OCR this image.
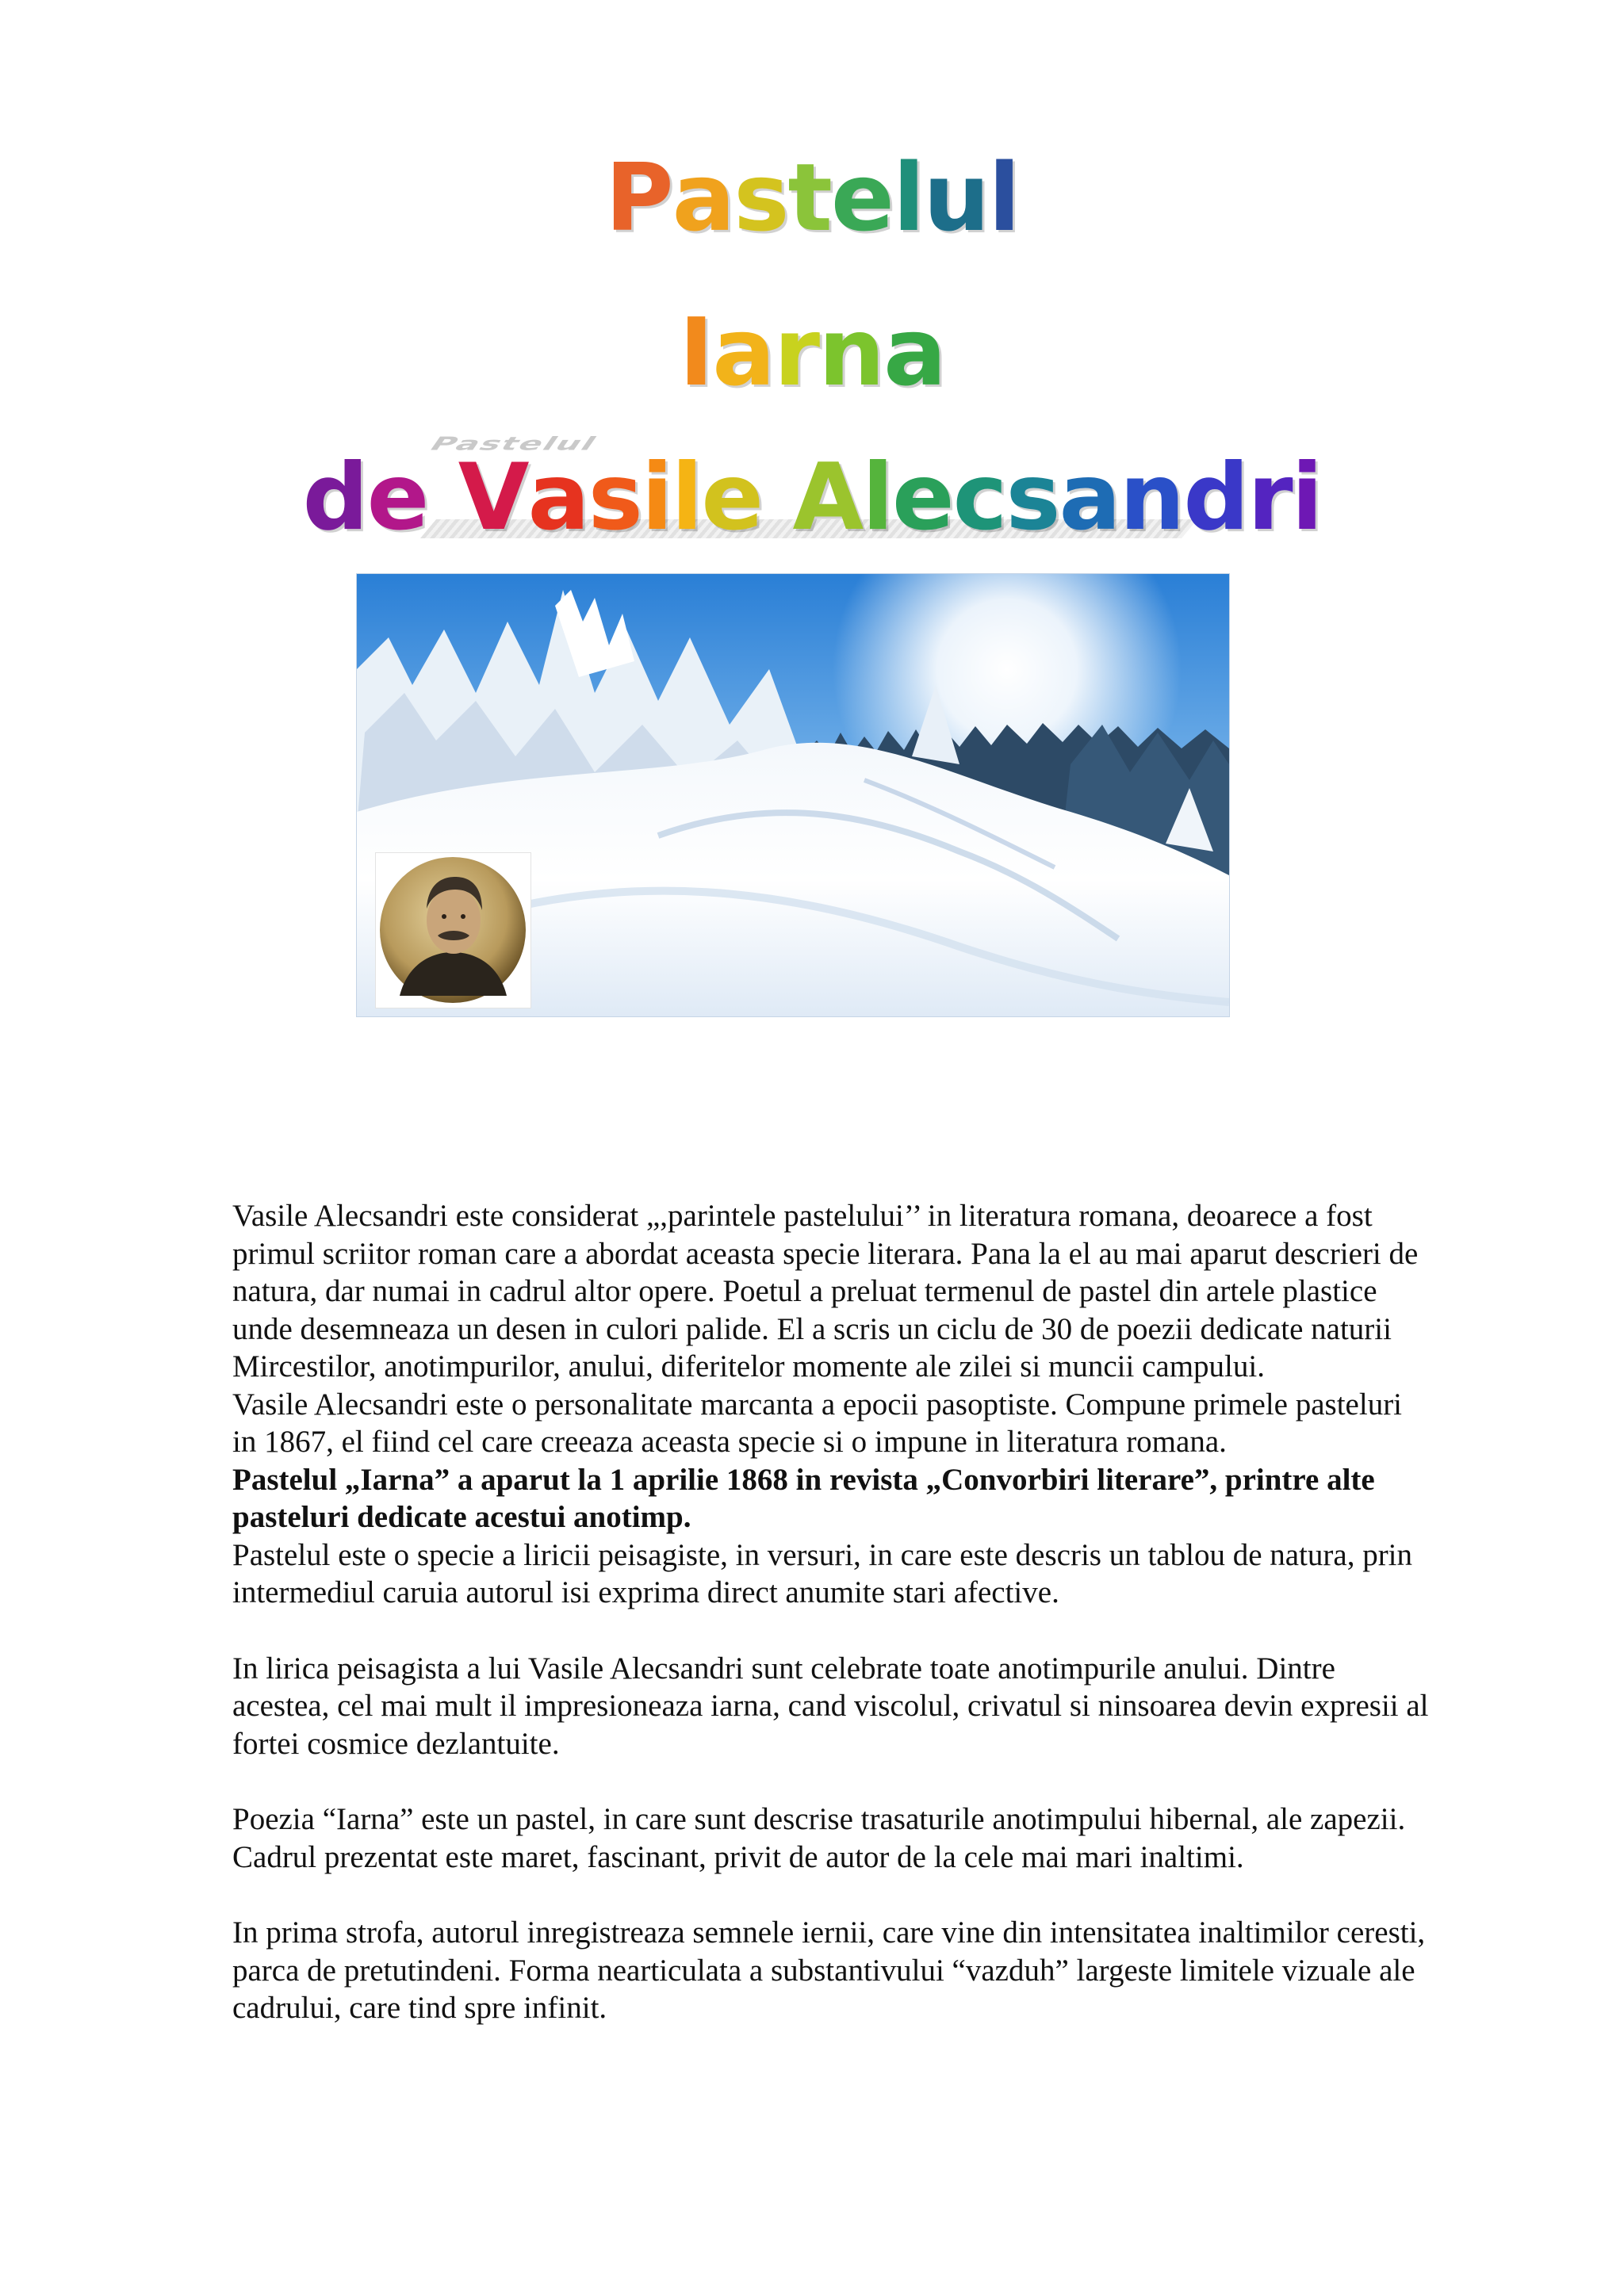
Pastelul
Pastelul
Iarna
de Vasile Alecsandri

Vasile Alecsandri este considerat „,parintele pastelului’’ in literatura romana, deoarece a fost

primul scriitor roman care a abordat aceasta specie literara. Pana la el au mai aparut descrieri de

natura, dar numai in cadrul altor opere. Poetul a preluat termenul de pastel din artele plastice

unde desemneaza un desen in culori palide. El a scris un ciclu de 30 de poezii dedicate naturii

Mircestilor, anotimpurilor, anului, diferitelor momente ale zilei si muncii campului.

Vasile Alecsandri este o personalitate marcanta a epocii pasoptiste. Compune primele pasteluri

in 1867, el fiind cel care creeaza aceasta specie si o impune in literatura romana.

Pastelul „Iarna” a aparut la 1 aprilie 1868 in revista „Convorbiri literare”, printre alte

pasteluri dedicate acestui anotimp.

Pastelul este o specie a liricii peisagiste, in versuri, in care este descris un tablou de natura, prin

intermediul caruia autorul isi exprima direct anumite stari afective.

In lirica peisagista a lui Vasile Alecsandri sunt celebrate toate anotimpurile anului. Dintre

acestea, cel mai mult il impresioneaza iarna, cand viscolul, crivatul si ninsoarea devin expresii al

fortei cosmice dezlantuite.

Poezia “Iarna” este un pastel, in care sunt descrise trasaturile anotimpului hibernal, ale zapezii.

Cadrul prezentat este maret, fascinant, privit de autor de la cele mai mari inaltimi.

In prima strofa, autorul inregistreaza semnele iernii, care vine din intensitatea inaltimilor ceresti,

parca de pretutindeni. Forma nearticulata a substantivului “vazduh” largeste limitele vizuale ale

cadrului, care tind spre infinit.
